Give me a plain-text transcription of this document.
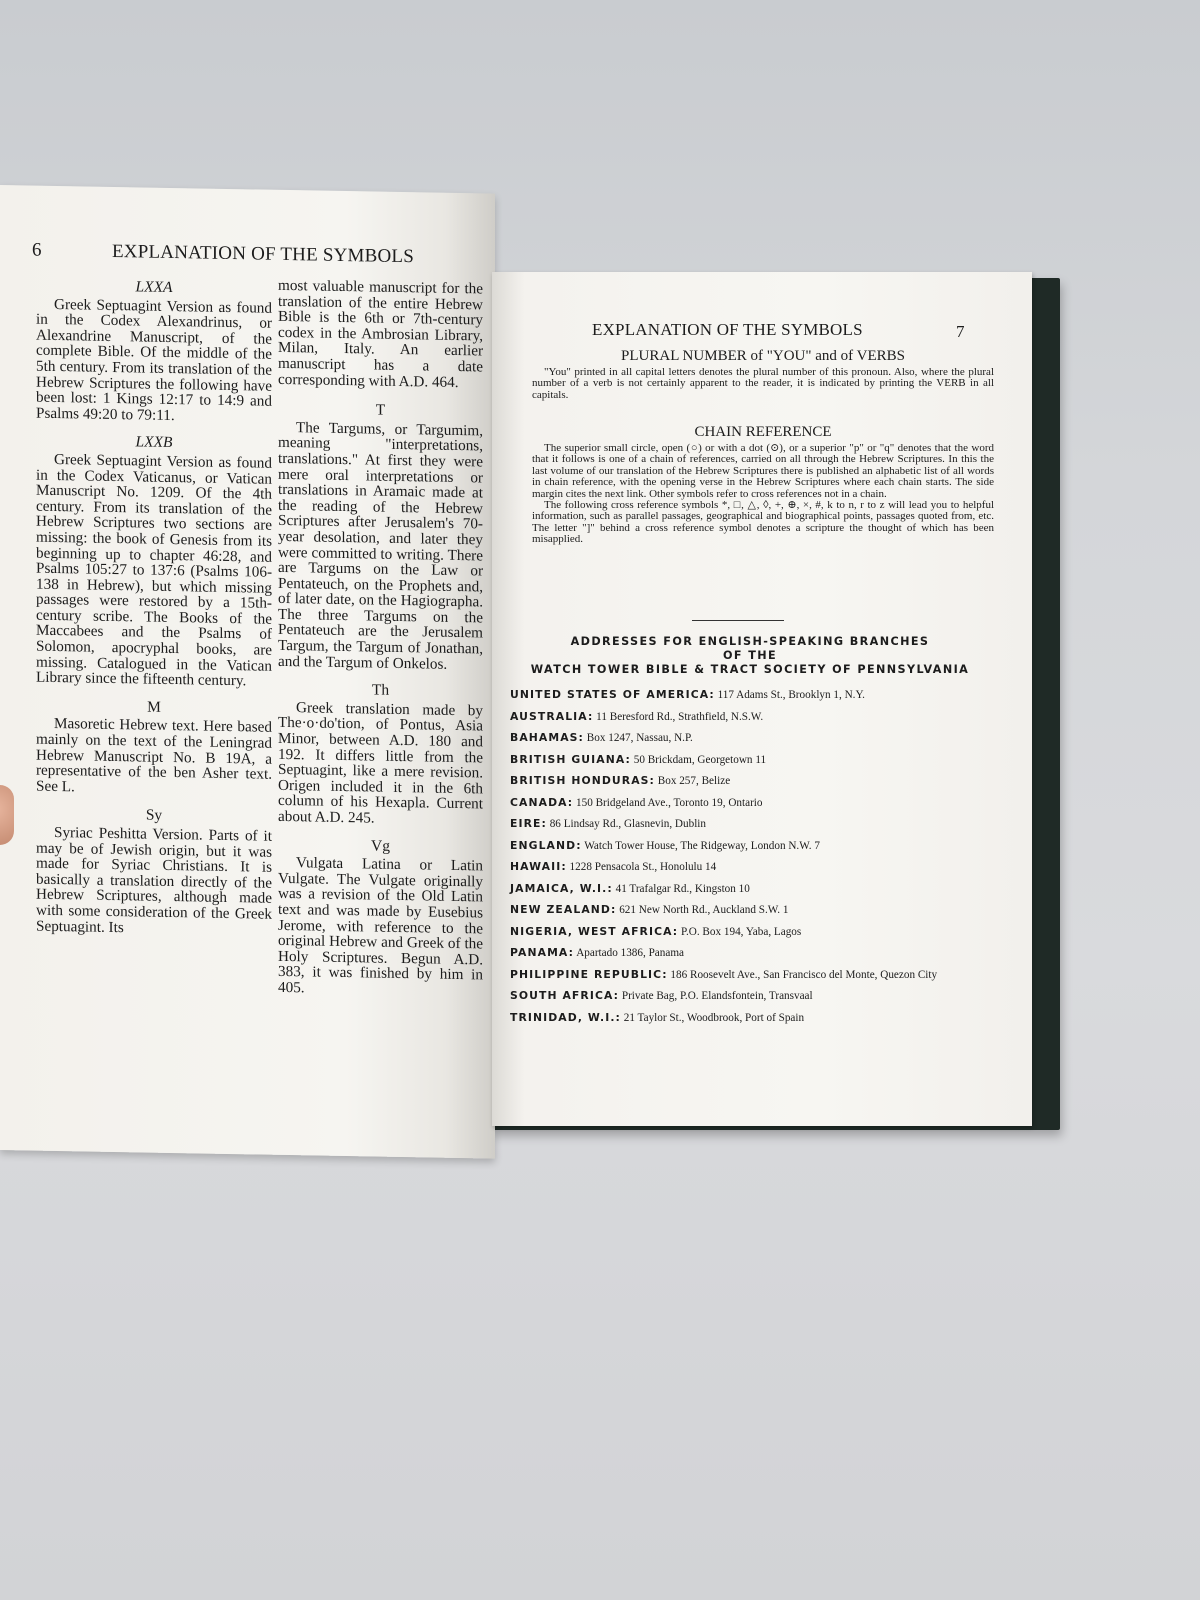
6	EXPLANATION OF THE SYMBOLS
LXXA

Greek Septuagint Version as found in the Codex Alexandrinus, or Alexandrine Manuscript, of the complete Bible. Of the middle of the 5th century. From its translation of the Hebrew Scriptures the following have been lost: 1 Kings 12:17 to 14:9 and Psalms 49:20 to 79:11.

LXXB

Greek Septuagint Version as found in the Codex Vaticanus, or Vatican Manuscript No. 1209. Of the 4th century. From its translation of the Hebrew Scriptures two sections are missing: the book of Genesis from its beginning up to chapter 46:28, and Psalms 105:27 to 137:6 (Psalms 106-138 in Hebrew), but which missing passages were restored by a 15th-century scribe. The Books of the Maccabees and the Psalms of Solomon, apocryphal books, are missing. Catalogued in the Vatican Library since the fifteenth century.

M

Masoretic Hebrew text. Here based mainly on the text of the Leningrad Hebrew Manuscript No. B 19A, a representative of the ben Asher text. See L.

Sy

Syriac Peshitta Version. Parts of it may be of Jewish origin, but it was made for Syriac Christians. It is basically a translation directly of the Hebrew Scriptures, although made with some consideration of the Greek Septuagint. Its

most valuable manuscript for the translation of the entire Hebrew Bible is the 6th or 7th-century codex in the Ambrosian Library, Milan, Italy. An earlier manuscript has a date corresponding with A.D. 464.

T

The Targums, or Targumim, meaning "interpretations, translations." At first they were mere oral interpretations or translations in Aramaic made at the reading of the Hebrew Scriptures after Jerusalem's 70-year desolation, and later they were committed to writing. There are Targums on the Law or Pentateuch, on the Prophets and, of later date, on the Hagiographa. The three Targums on the Pentateuch are the Jerusalem Targum, the Targum of Jonathan, and the Targum of Onkelos.

Th

Greek translation made by The·o·do'tion, of Pontus, Asia Minor, between A.D. 180 and 192. It differs little from the Septuagint, like a mere revision. Origen included it in the 6th column of his Hexapla. Current about A.D. 245.

Vg

Vulgata Latina or Latin Vulgate. The Vulgate originally was a revision of the Old Latin text and was made by Eusebius Jerome, with reference to the original Hebrew and Greek of the Holy Scriptures. Begun A.D. 383, it was finished by him in 405.

EXPLANATION OF THE SYMBOLS	7
PLURAL NUMBER of "YOU" and of VERBS

"You" printed in all capital letters denotes the plural number of this pronoun. Also, where the plural number of a verb is not certainly apparent to the reader, it is indicated by printing the VERB in all capitals.

CHAIN REFERENCE

The superior small circle, open (○) or with a dot (⊙), or a superior "p" or "q" denotes that the word that it follows is one of a chain of references, carried on all through the Hebrew Scriptures. In this the last volume of our translation of the Hebrew Scriptures there is published an alphabetic list of all words in chain reference, with the opening verse in the Hebrew Scriptures where each chain starts. The side margin cites the next link. Other symbols refer to cross references not in a chain.

The following cross reference symbols *, □, △, ◊, +, ⊕, ×, #, k to n, r to z will lead you to helpful information, such as parallel passages, geographical and biographical points, passages quoted from, etc. The letter "]" behind a cross reference symbol denotes a scripture the thought of which has been misapplied.

ADDRESSES FOR ENGLISH-SPEAKING BRANCHES
OF THE
WATCH TOWER BIBLE & TRACT SOCIETY OF PENNSYLVANIA
UNITED STATES OF AMERICA: 117 Adams St., Brooklyn 1, N.Y.
AUSTRALIA: 11 Beresford Rd., Strathfield, N.S.W.
BAHAMAS: Box 1247, Nassau, N.P.
BRITISH GUIANA: 50 Brickdam, Georgetown 11
BRITISH HONDURAS: Box 257, Belize
CANADA: 150 Bridgeland Ave., Toronto 19, Ontario
EIRE: 86 Lindsay Rd., Glasnevin, Dublin
ENGLAND: Watch Tower House, The Ridgeway, London N.W. 7
HAWAII: 1228 Pensacola St., Honolulu 14
JAMAICA, W.I.: 41 Trafalgar Rd., Kingston 10
NEW ZEALAND: 621 New North Rd., Auckland S.W. 1
NIGERIA, WEST AFRICA: P.O. Box 194, Yaba, Lagos
PANAMA: Apartado 1386, Panama
PHILIPPINE REPUBLIC: 186 Roosevelt Ave., San Francisco del Monte, Quezon City
SOUTH AFRICA: Private Bag, P.O. Elandsfontein, Transvaal
TRINIDAD, W.I.: 21 Taylor St., Woodbrook, Port of Spain
